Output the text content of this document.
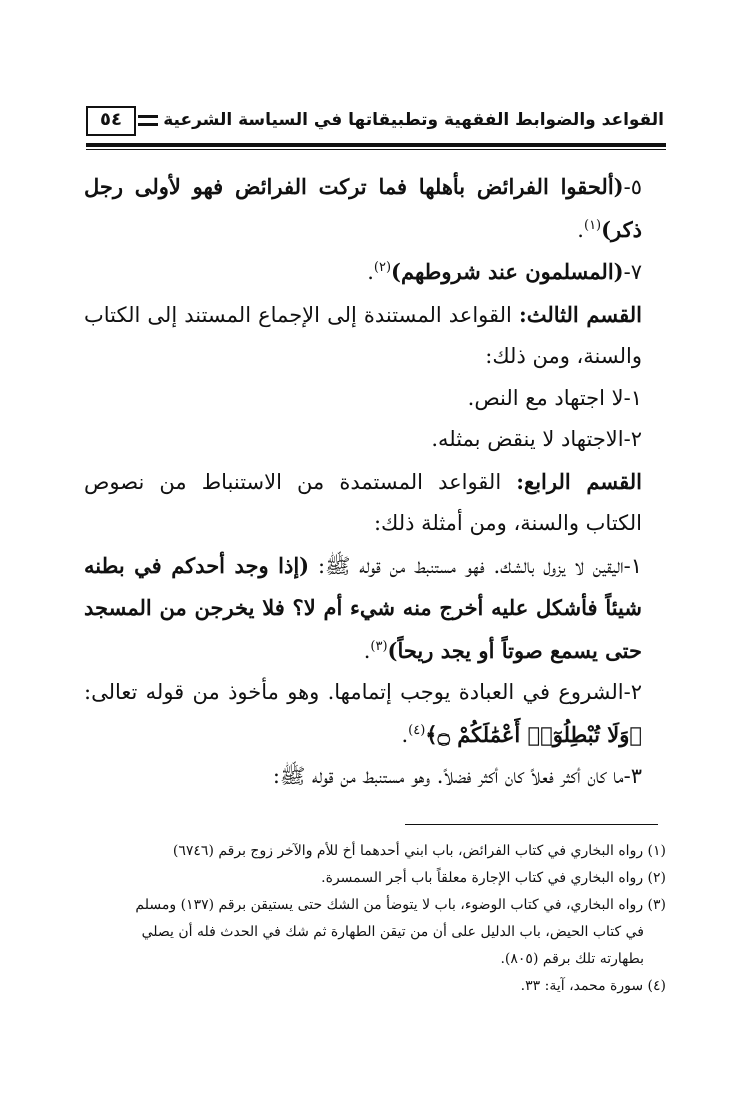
٥٤	القواعد والضوابط الفقهية وتطبيقاتها في السياسة الشرعية

٥-(ألحقوا الفرائض بأهلها فما تركت الفرائض فهو لأولى رجل ذكر)$^{(١)}$.

٧-(المسلمون عند شروطهم)$^{(٢)}$.

القسم الثالث: القواعد المستندة إلى الإجماع المستند إلى الكتاب والسنة، ومن ذلك:

١-لا اجتهاد مع النص.

٢-الاجتهاد لا ينقض بمثله.

القسم الرابع: القواعد المستمدة من الاستنباط من نصوص الكتاب والسنة، ومن أمثلة ذلك:

١-اليقين لا يزول بالشك. فهو مستنبط من قوله ﷺ: (إذا وجد أحدكم في بطنه شيئاً فأشكل عليه أخرج منه شيء أم لا؟ فلا يخرجن من المسجد حتى يسمع صوتاً أو يجد ريحاً)$^{(٣)}$.

٢-الشروع في العبادة يوجب إتمامها. وهو مأخوذ من قوله تعالى: ﴿وَلَا تُبْطِلُوٓا۟ أَعْمَٰلَكُمْ ۝﴾$^{(٤)}$.

٣-ما كان أكثر فعلاً كان أكثر فضلاً. وهو مستنبط من قوله ﷺ:

(١) رواه البخاري في كتاب الفرائض، باب ابني أحدهما أخ للأم والآخر زوج برقم (٦٧٤٦)

(٢) رواه البخاري في كتاب الإجارة معلقاً باب أجر السمسرة.

(٣) رواه البخاري، في كتاب الوضوء، باب لا يتوضأ من الشك حتى يستيقن برقم (١٣٧) ومسلم

في كتاب الحيض، باب الدليل على أن من تيقن الطهارة ثم شك في الحدث فله أن يصلي

بطهارته تلك برقم (٨٠٥).

(٤) سورة محمد، آية: ٣٣.
